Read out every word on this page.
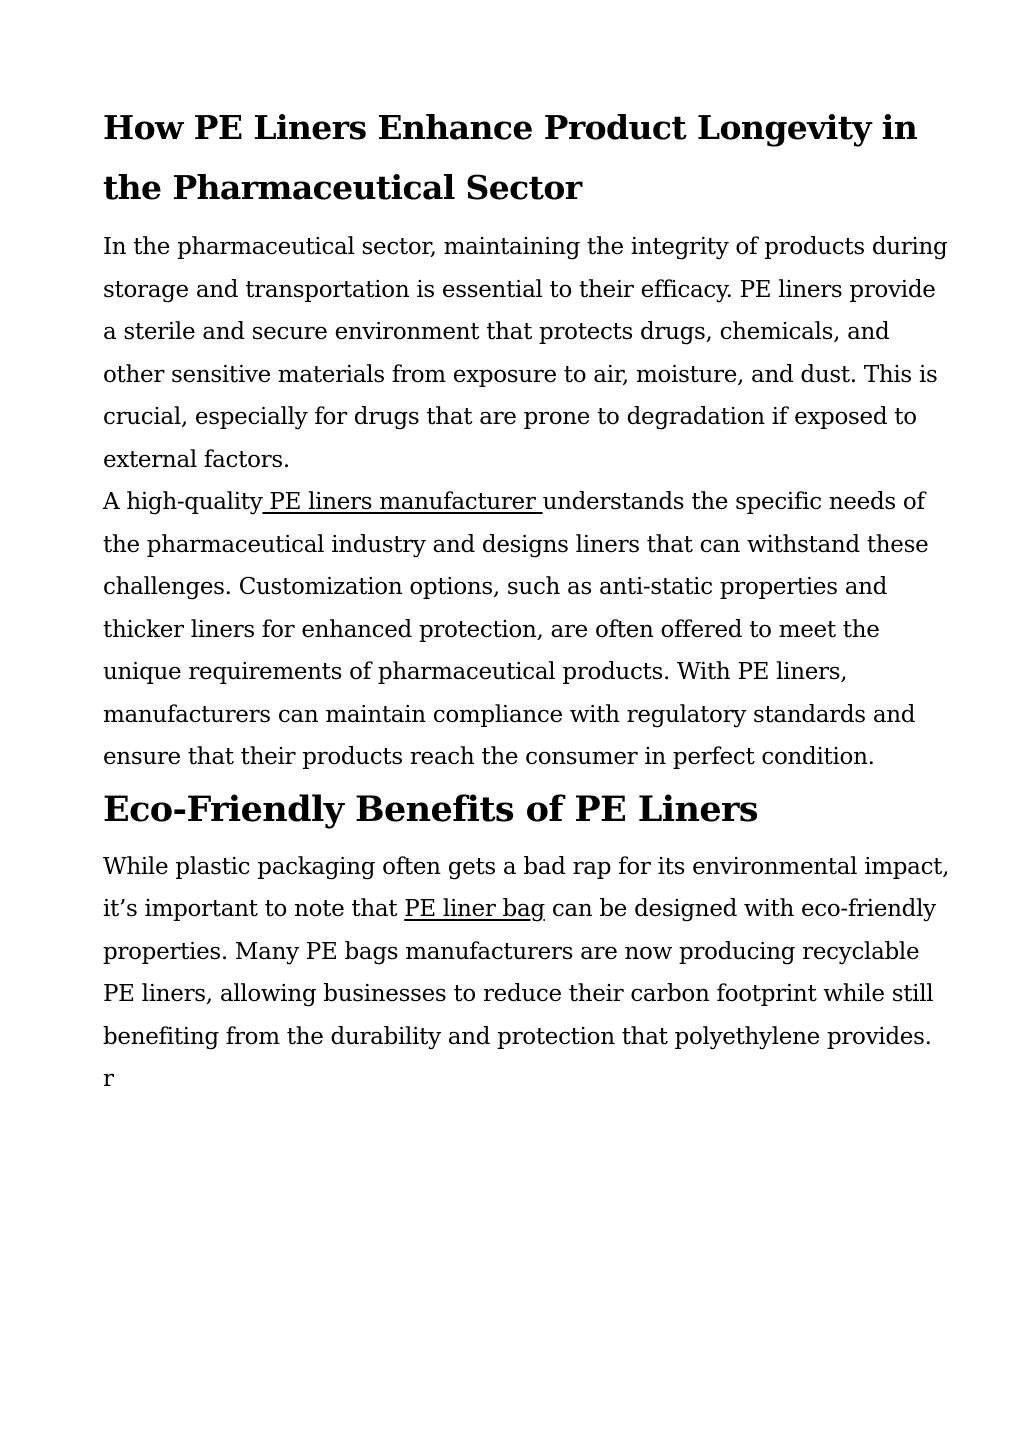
How PE Liners Enhance Product Longevity in the Pharmaceutical Sector

In the pharmaceutical sector, maintaining the integrity of products during storage and transportation is essential to their efficacy. PE liners provide a sterile and secure environment that protects drugs, chemicals, and other sensitive materials from exposure to air, moisture, and dust. This is crucial, especially for drugs that are prone to degradation if exposed to external factors.

A high-quality PE liners manufacturer understands the specific needs of the pharmaceutical industry and designs liners that can withstand these challenges. Customization options, such as anti-static properties and thicker liners for enhanced protection, are often offered to meet the unique requirements of pharmaceutical products. With PE liners, manufacturers can maintain compliance with regulatory standards and ensure that their products reach the consumer in perfect condition.

Eco-Friendly Benefits of PE Liners

While plastic packaging often gets a bad rap for its environmental impact, it’s important to note that PE liner bag can be designed with eco-friendly properties. Many PE bags manufacturers are now producing recyclable PE liners, allowing businesses to reduce their carbon footprint while still benefiting from the durability and protection that polyethylene provides.

r
